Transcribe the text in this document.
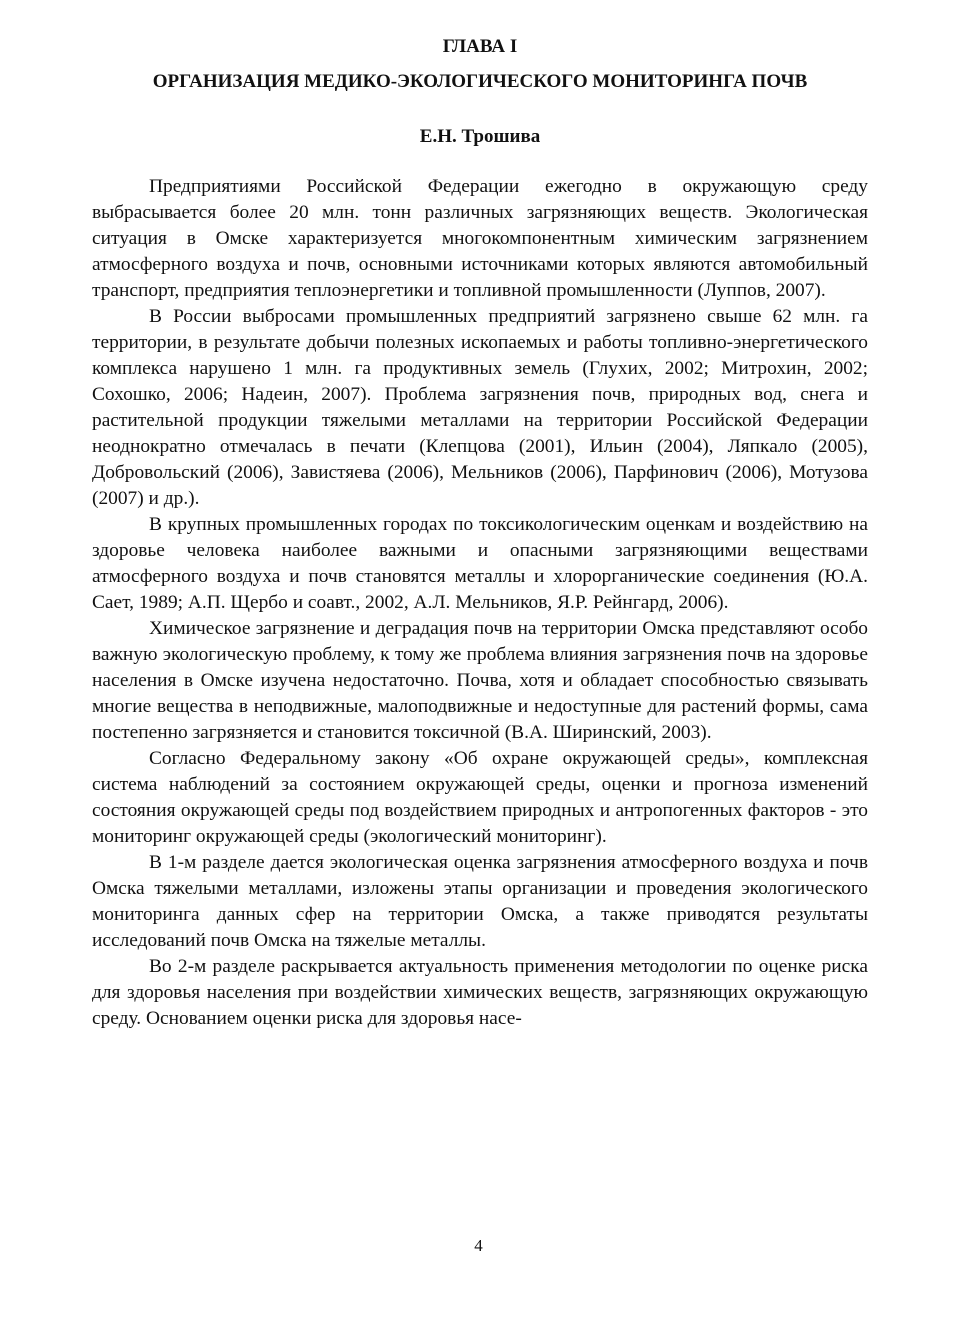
ГЛАВА I
ОРГАНИЗАЦИЯ МЕДИКО-ЭКОЛОГИЧЕСКОГО МОНИТОРИНГА ПОЧВ
Е.Н. Трошива

Предприятиями Российской Федерации ежегодно в окружающую среду выбрасывается более 20 млн. тонн различных загрязняющих веществ. Экологическая ситуация в Омске характеризуется многокомпонентным химическим загрязнением атмосферного воздуха и почв, основными источниками которых являются автомобильный транспорт, предприятия теплоэнергетики и топливной промышленности (Луппов, 2007).

В России выбросами промышленных предприятий загрязнено свыше 62 млн. га территории, в результате добычи полезных ископаемых и работы топливно-энергетического комплекса нарушено 1 млн. га продуктивных земель (Глухих, 2002; Митрохин, 2002; Сохошко, 2006; Надеин, 2007). Проблема загрязнения почв, природных вод, снега и растительной продукции тяжелыми металлами на территории Российской Федерации неоднократно отмечалась в печати (Клепцова (2001), Ильин (2004), Ляпкало (2005), Добровольский (2006), Завистяева (2006), Мельников (2006), Парфинович (2006), Мотузова (2007) и др.).

В крупных промышленных городах по токсикологическим оценкам и воздействию на здоровье человека наиболее важными и опасными загрязняющими веществами атмосферного воздуха и почв становятся металлы и хлорорганические соединения (Ю.А. Сает, 1989; А.П. Щербо и соавт., 2002, А.Л. Мельников, Я.Р. Рейнгард, 2006).

Химическое загрязнение и деградация почв на территории Омска представляют особо важную экологическую проблему, к тому же проблема влияния загрязнения почв на здоровье населения в Омске изучена недостаточно. Почва, хотя и обладает способностью связывать многие вещества в неподвижные, малоподвижные и недоступные для растений формы, сама постепенно загрязняется и становится токсичной (В.А. Ширинский, 2003).

Согласно Федеральному закону «Об охране окружающей среды», комплексная система наблюдений за состоянием окружающей среды, оценки и прогноза изменений состояния окружающей среды под воздействием природных и антропогенных факторов - это мониторинг окружающей среды (экологический мониторинг).

В 1-м разделе дается экологическая оценка загрязнения атмосферного воздуха и почв Омска тяжелыми металлами, изложены этапы организации и проведения экологического мониторинга данных сфер на территории Омска, а также приводятся результаты исследований почв Омска на тяжелые металлы.

Во 2-м разделе раскрывается актуальность применения методологии по оценке риска для здоровья населения при воздействии химических веществ, загрязняющих окружающую среду. Основанием оценки риска для здоровья насе-

4
